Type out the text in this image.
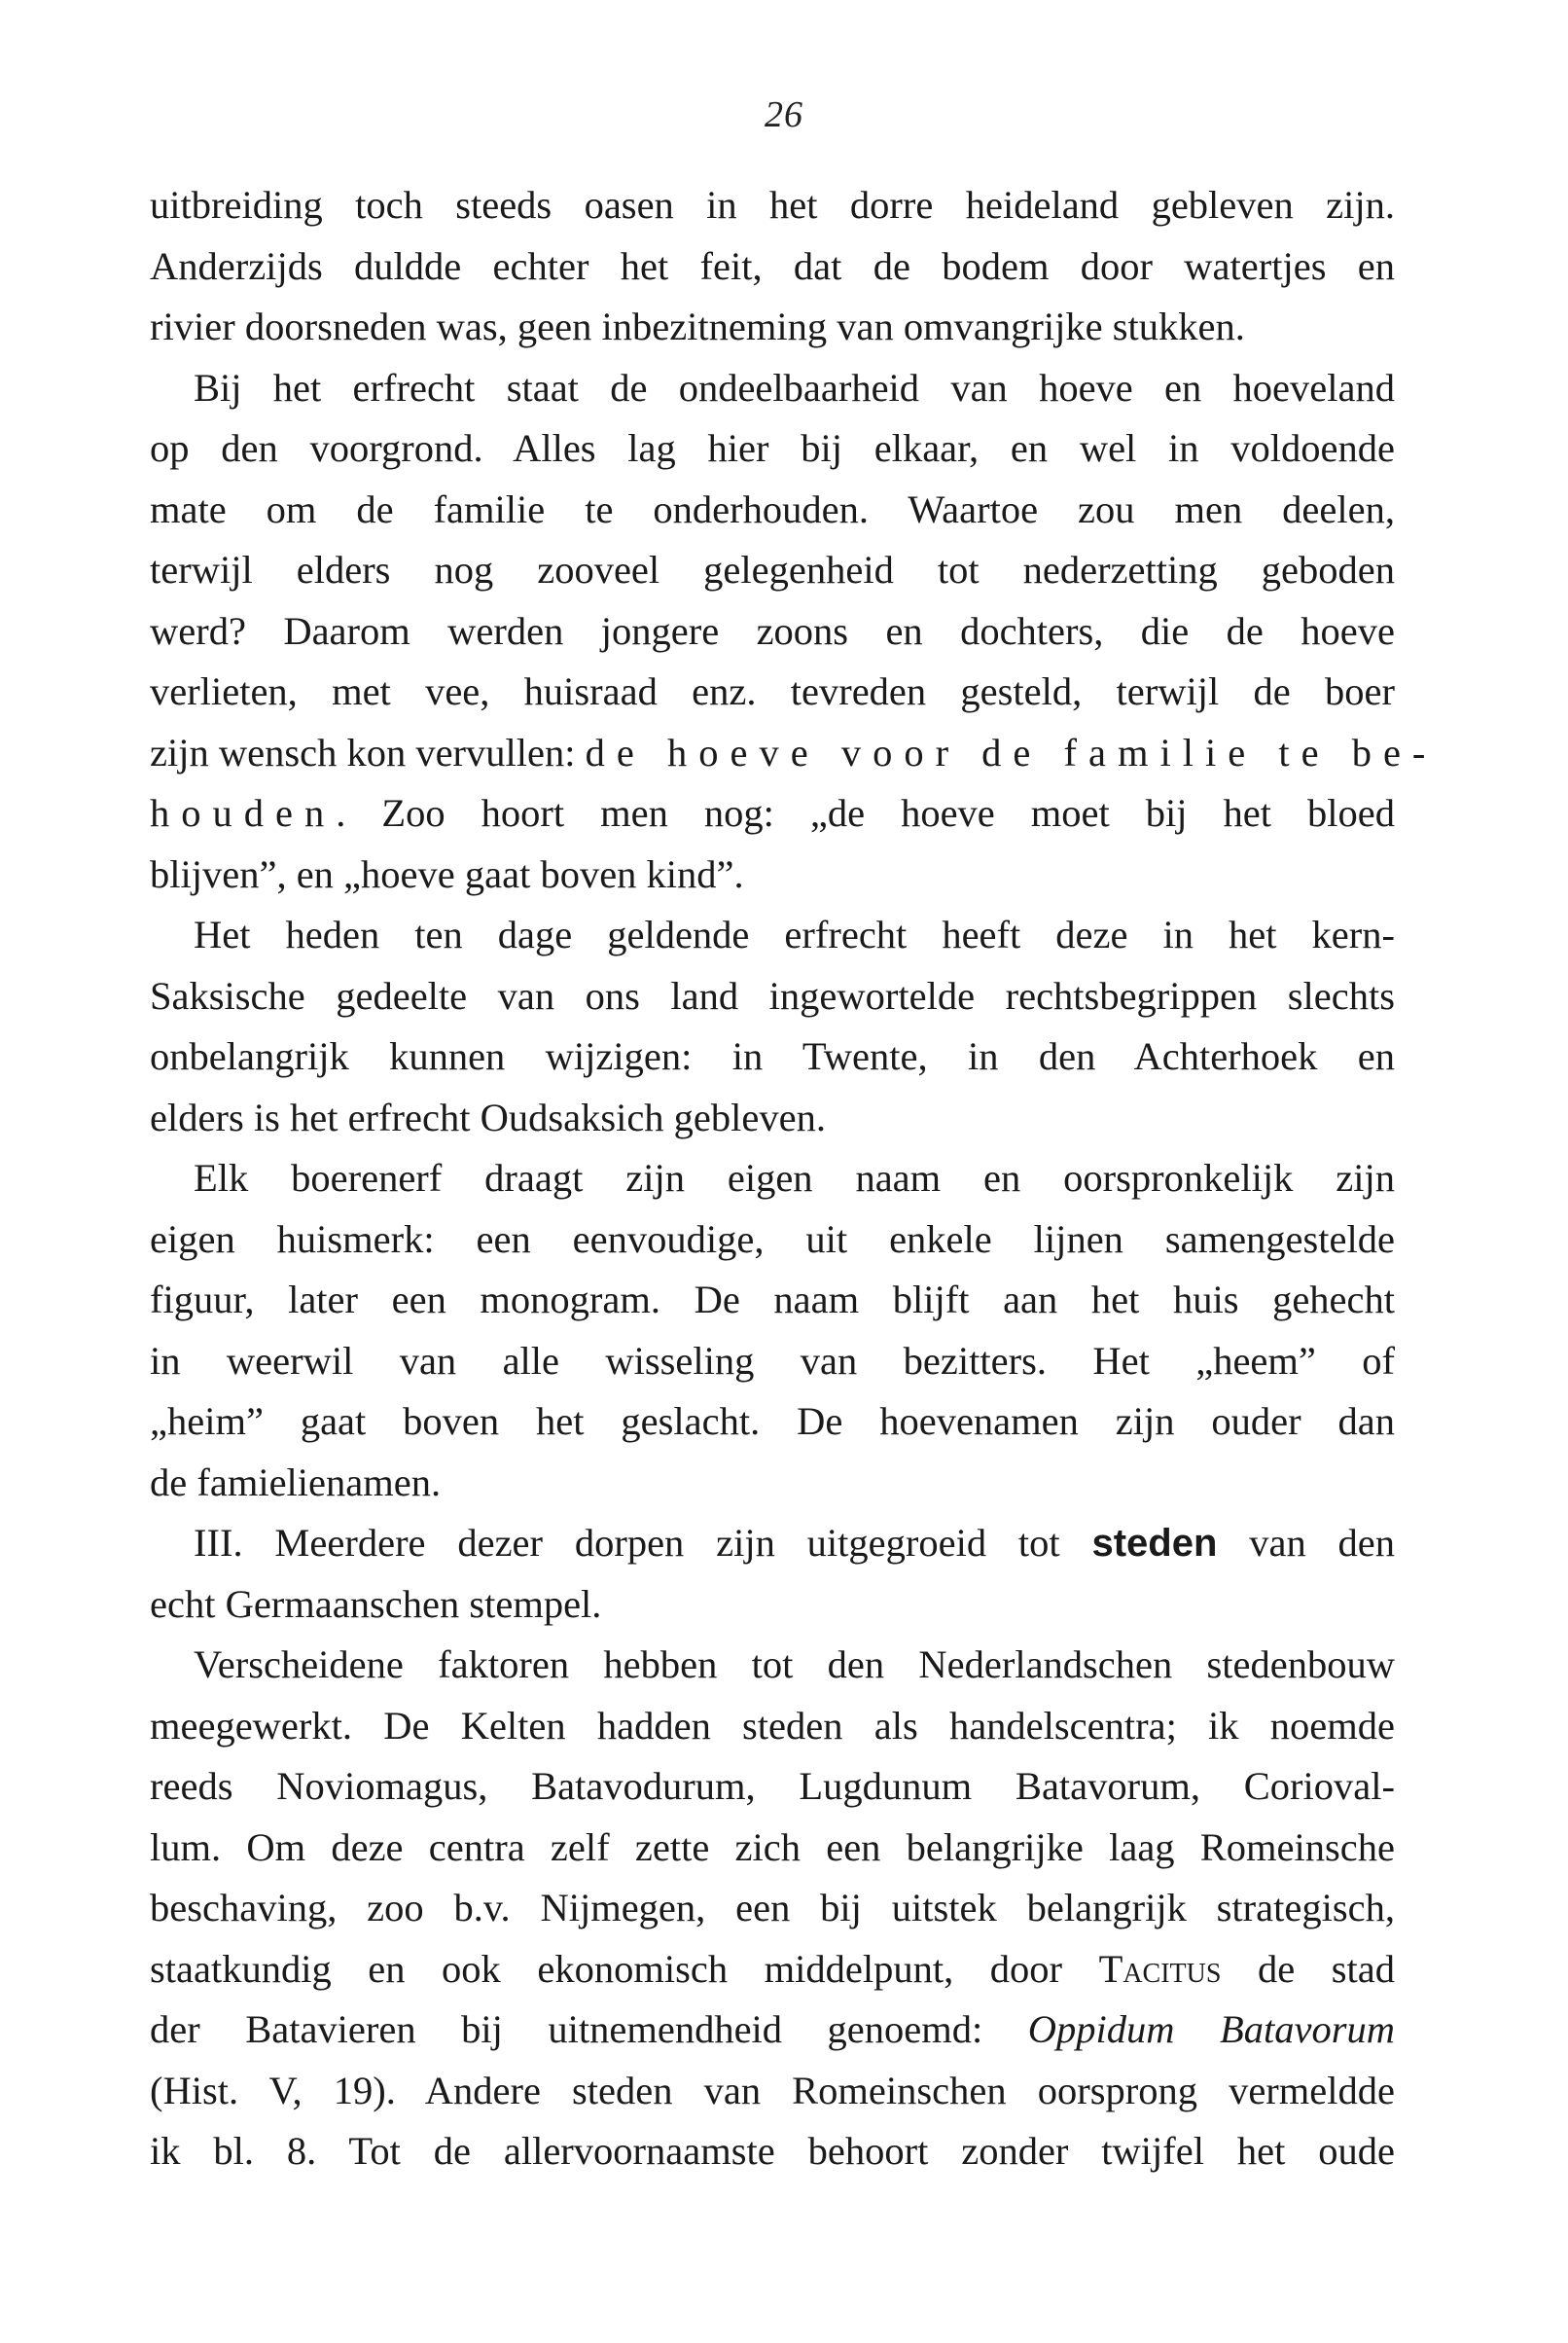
26
uitbreiding toch steeds oasen in het dorre heideland gebleven zijn.
Anderzijds duldde echter het feit, dat de bodem door watertjes en
rivier doorsneden was, geen inbezitneming van omvangrijke stukken.
Bij het erfrecht staat de ondeelbaarheid van hoeve en hoeveland
op den voorgrond. Alles lag hier bij elkaar, en wel in voldoende
mate om de familie te onderhouden. Waartoe zou men deelen,
terwijl elders nog zooveel gelegenheid tot nederzetting geboden
werd? Daarom werden jongere zoons en dochters, die de hoeve
verlieten, met vee, huisraad enz. tevreden gesteld, terwijl de boer
zijn wensch kon vervullen: de hoeve voor de familie te be-
houden. Zoo hoort men nog: „de hoeve moet bij het bloed
blijven”, en „hoeve gaat boven kind”.
Het heden ten dage geldende erfrecht heeft deze in het kern-
Saksische gedeelte van ons land ingewortelde rechtsbegrippen slechts
onbelangrijk kunnen wijzigen: in Twente, in den Achterhoek en
elders is het erfrecht Oudsaksich gebleven.
Elk boerenerf draagt zijn eigen naam en oorspronkelijk zijn
eigen huismerk: een eenvoudige, uit enkele lijnen samengestelde
figuur, later een monogram. De naam blijft aan het huis gehecht
in weerwil van alle wisseling van bezitters. Het „heem” of
„heim” gaat boven het geslacht. De hoevenamen zijn ouder dan
de famielienamen.
III. Meerdere dezer dorpen zijn uitgegroeid tot steden van den
echt Germaanschen stempel.
Verscheidene faktoren hebben tot den Nederlandschen stedenbouw
meegewerkt. De Kelten hadden steden als handelscentra; ik noemde
reeds Noviomagus, Batavodurum, Lugdunum Batavorum, Corioval-
lum. Om deze centra zelf zette zich een belangrijke laag Romeinsche
beschaving, zoo b.v. Nijmegen, een bij uitstek belangrijk strategisch,
staatkundig en ook ekonomisch middelpunt, door Tacitus de stad
der Batavieren bij uitnemendheid genoemd: Oppidum Batavorum
(Hist. V, 19). Andere steden van Romeinschen oorsprong vermeldde
ik bl. 8. Tot de allervoornaamste behoort zonder twijfel het oude
